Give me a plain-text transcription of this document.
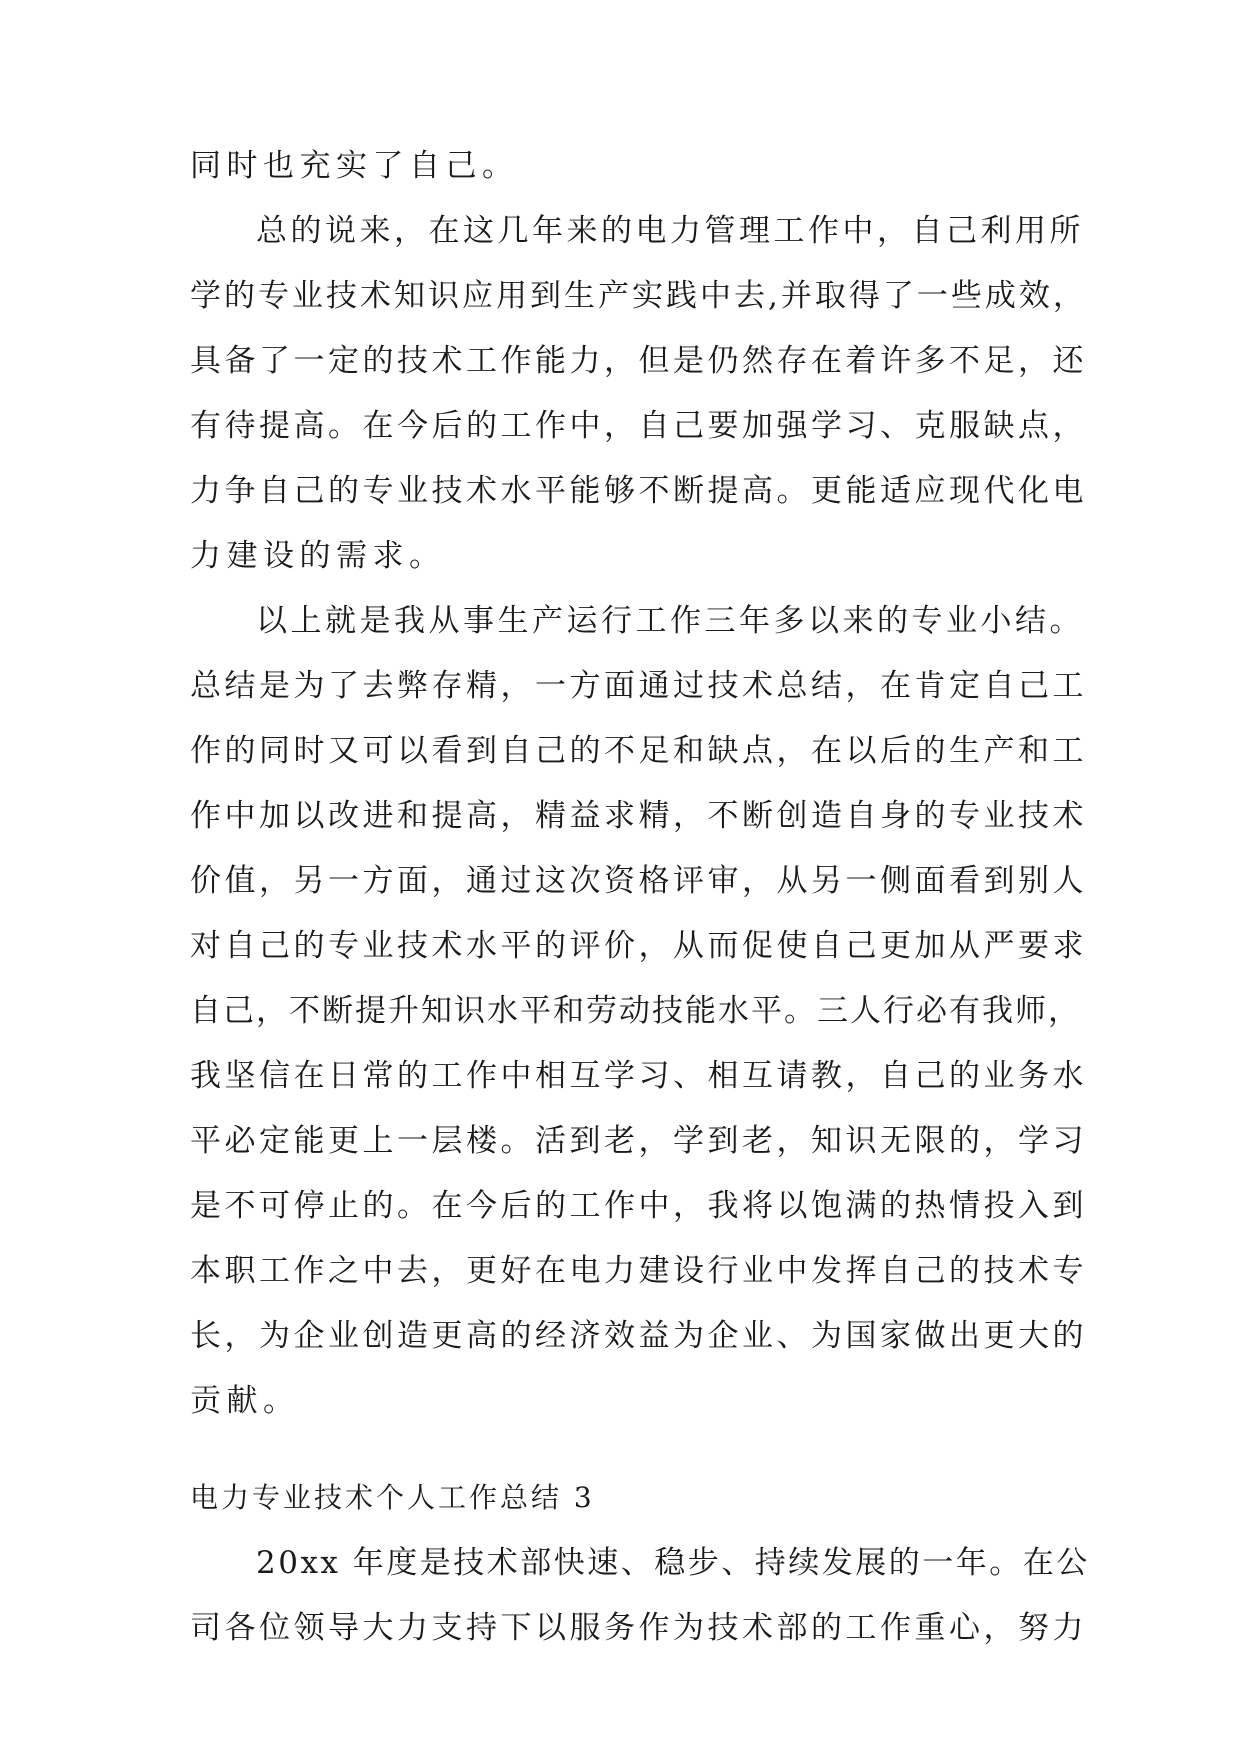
同时也充实了自己。
总的说来，在这几年来的电力管理工作中，自己利用所
学的专业技术知识应用到生产实践中去,并取得了一些成效，
具备了一定的技术工作能力，但是仍然存在着许多不足，还
有待提高。在今后的工作中，自己要加强学习、克服缺点，
力争自己的专业技术水平能够不断提高。更能适应现代化电
力建设的需求。
以上就是我从事生产运行工作三年多以来的专业小结。
总结是为了去弊存精，一方面通过技术总结，在肯定自己工
作的同时又可以看到自己的不足和缺点，在以后的生产和工
作中加以改进和提高，精益求精，不断创造自身的专业技术
价值，另一方面，通过这次资格评审，从另一侧面看到别人
对自己的专业技术水平的评价，从而促使自己更加从严要求
自己，不断提升知识水平和劳动技能水平。三人行必有我师，
我坚信在日常的工作中相互学习、相互请教，自己的业务水
平必定能更上一层楼。活到老，学到老，知识无限的，学习
是不可停止的。在今后的工作中，我将以饱满的热情投入到
本职工作之中去，更好在电力建设行业中发挥自己的技术专
长，为企业创造更高的经济效益为企业、为国家做出更大的
贡献。
电力专业技术个人工作总结 3
20xx 年度是技术部快速、稳步、持续发展的一年。在公
司各位领导大力支持下以服务作为技术部的工作重心，努力
